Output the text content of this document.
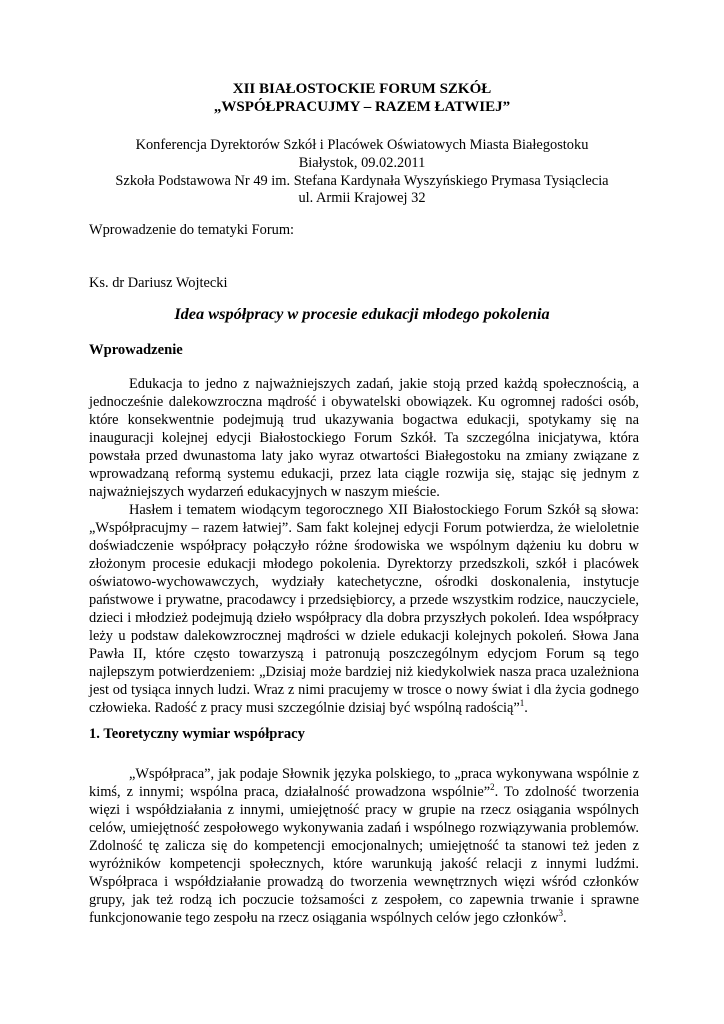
XII BIAŁOSTOCKIE FORUM SZKÓŁ
„WSPÓŁPRACUJMY – RAZEM ŁATWIEJ”
Konferencja Dyrektorów Szkół i Placówek Oświatowych Miasta Białegostoku
Białystok, 09.02.2011
Szkoła Podstawowa Nr 49 im. Stefana Kardynała Wyszyńskiego Prymasa Tysiąclecia
ul. Armii Krajowej 32
Wprowadzenie do tematyki Forum:
Ks. dr Dariusz Wojtecki
Idea współpracy w procesie edukacji młodego pokolenia
Wprowadzenie

Edukacja to jedno z najważniejszych zadań, jakie stoją przed każdą społecznością, a jednocześnie dalekowzroczna mądrość i obywatelski obowiązek. Ku ogromnej radości osób, które konsekwentnie podejmują trud ukazywania bogactwa edukacji, spotykamy się na inauguracji kolejnej edycji Białostockiego Forum Szkół. Ta szczególna inicjatywa, która powstała przed dwunastoma laty jako wyraz otwartości Białegostoku na zmiany związane z wprowadzaną reformą systemu edukacji, przez lata ciągle rozwija się, stając się jednym z najważniejszych wydarzeń edukacyjnych w naszym mieście.

Hasłem i tematem wiodącym tegorocznego XII Białostockiego Forum Szkół są słowa: „Współpracujmy – razem łatwiej”. Sam fakt kolejnej edycji Forum potwierdza, że wieloletnie doświadczenie współpracy połączyło różne środowiska we wspólnym dążeniu ku dobru w złożonym procesie edukacji młodego pokolenia. Dyrektorzy przedszkoli, szkół i placówek oświatowo-wychowawczych, wydziały katechetyczne, ośrodki doskonalenia, instytucje państwowe i prywatne, pracodawcy i przedsiębiorcy, a przede wszystkim rodzice, nauczyciele, dzieci i młodzież podejmują dzieło współpracy dla dobra przyszłych pokoleń. Idea współpracy leży u podstaw dalekowzrocznej mądrości w dziele edukacji kolejnych pokoleń. Słowa Jana Pawła II, które często towarzyszą i patronują poszczególnym edycjom Forum są tego najlepszym potwierdzeniem: „Dzisiaj może bardziej niż kiedykolwiek nasza praca uzależniona jest od tysiąca innych ludzi. Wraz z nimi pracujemy w trosce o nowy świat i dla życia godnego człowieka. Radość z pracy musi szczególnie dzisiaj być wspólną radością”$^1$.

1. Teoretyczny wymiar współpracy

„Współpraca”, jak podaje Słownik języka polskiego, to „praca wykonywana wspólnie z kimś, z innymi; wspólna praca, działalność prowadzona wspólnie”$^2$. To zdolność tworzenia więzi i współdziałania z innymi, umiejętność pracy w grupie na rzecz osiągania wspólnych celów, umiejętność zespołowego wykonywania zadań i wspólnego rozwiązywania problemów. Zdolność tę zalicza się do kompetencji emocjonalnych; umiejętność ta stanowi też jeden z wyróżników kompetencji społecznych, które warunkują jakość relacji z innymi ludźmi. Współpraca i współdziałanie prowadzą do tworzenia wewnętrznych więzi wśród członków grupy, jak też rodzą ich poczucie tożsamości z zespołem, co zapewnia trwanie i sprawne funkcjonowanie tego zespołu na rzecz osiągania wspólnych celów jego członków$^3$.
